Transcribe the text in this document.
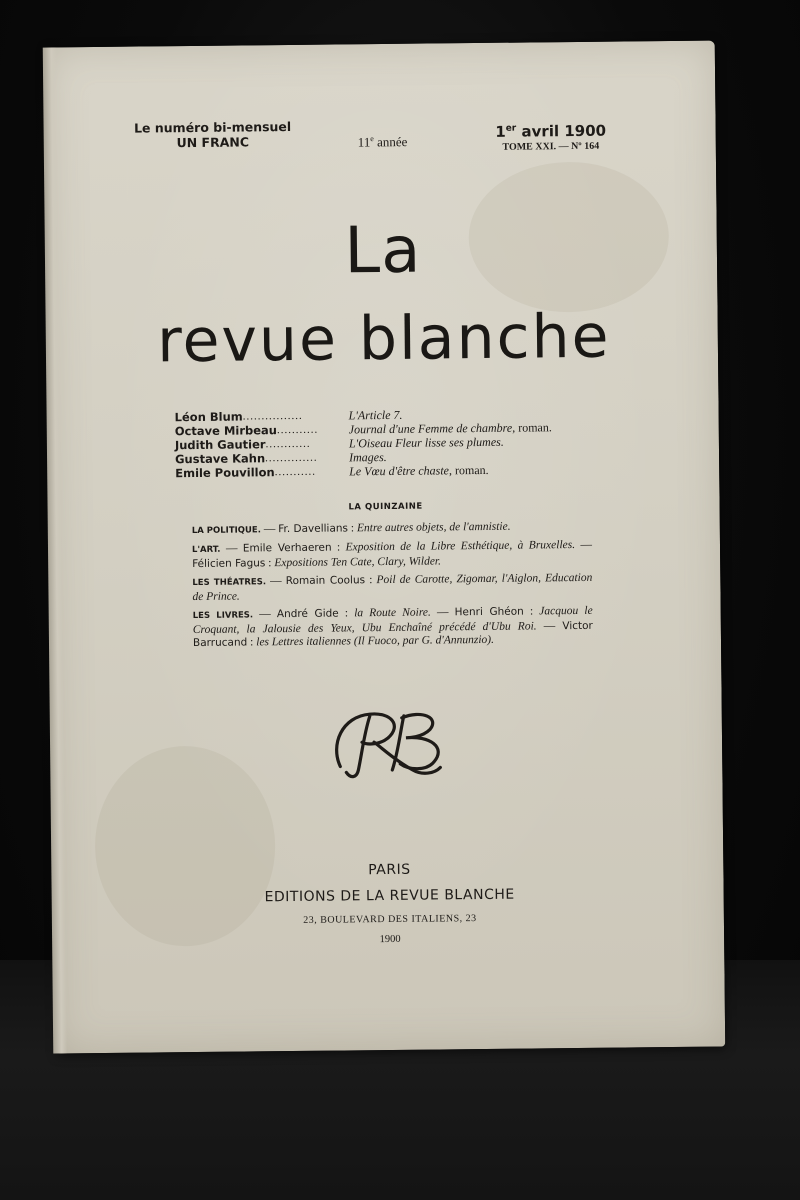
Le numéro bi-mensuel
UN FRANC	11e année
1er avril 1900
TOME XXI. — Nº 164
La
revue blanche
Léon Blum ................	L'Article 7.
Octave Mirbeau ...........	Journal d'une Femme de chambre, roman.
Judith Gautier ............	L'Oiseau Fleur lisse ses plumes.
Gustave Kahn ..............	Images.
Emile Pouvillon ...........	Le Vœu d'être chaste, roman.
LA QUINZAINE
LA POLITIQUE. — Fr. Davellians : Entre autres objets, de l'amnistie.
L'ART. — Emile Verhaeren : Exposition de la Libre Esthétique, à Bruxelles. — Félicien Fagus : Expositions Ten Cate, Clary, Wilder.
LES THÉATRES. — Romain Coolus : Poil de Carotte, Zigomar, l'Aiglon, Education de Prince.
LES LIVRES. — André Gide : la Route Noire. — Henri Ghéon : Jacquou le Croquant, la Jalousie des Yeux, Ubu Enchaîné précédé d'Ubu Roi. — Victor Barrucand : les Lettres italiennes (Il Fuoco, par G. d'Annunzio).
PARIS
EDITIONS DE LA REVUE BLANCHE
23, BOULEVARD DES ITALIENS, 23
1900
